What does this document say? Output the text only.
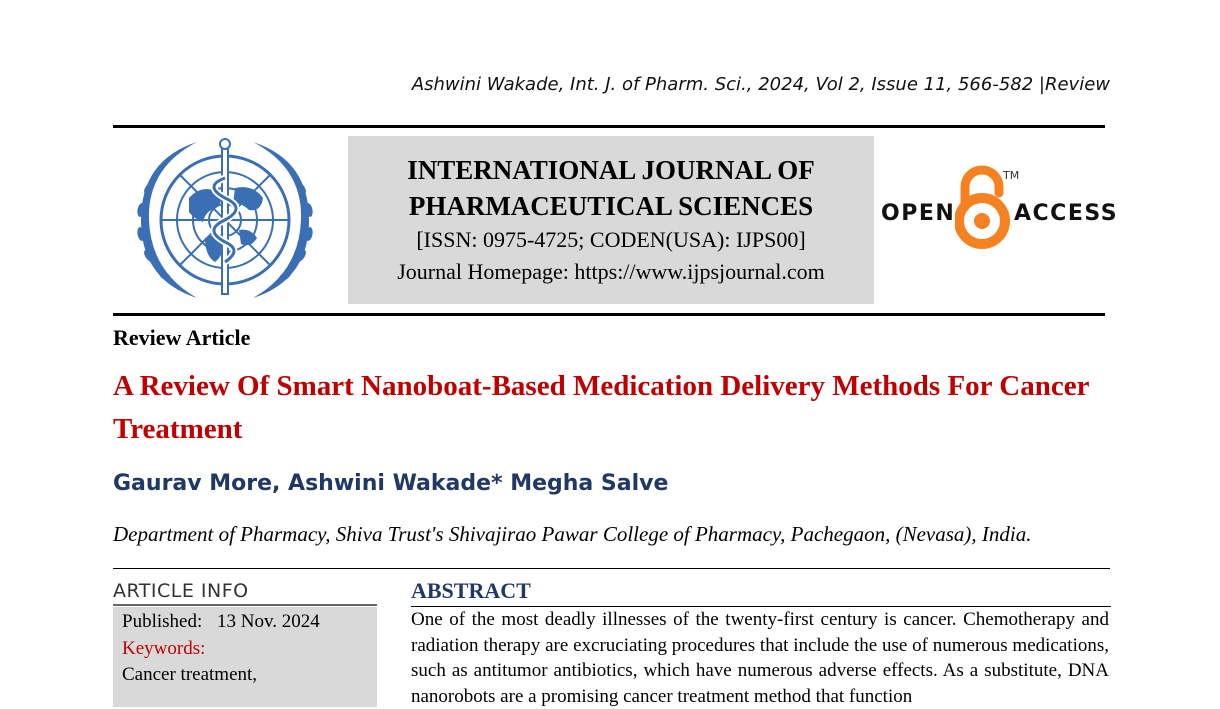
Ashwini Wakade, Int. J. of Pharm. Sci., 2024, Vol 2, Issue 11, 566-582 |Review
INTERNATIONAL JOURNAL OF
PHARMACEUTICAL SCIENCES
[ISSN: 0975-4725; CODEN(USA): IJPS00]
Journal Homepage: https://www.ijpsjournal.com
OPEN
TM
ACCESS
Review Article
A Review Of Smart Nanoboat-Based Medication Delivery Methods For Cancer Treatment
Gaurav More, Ashwini Wakade* Megha Salve
Department of Pharmacy, Shiva Trust's Shivajirao Pawar College of Pharmacy, Pachegaon, (Nevasa), India.
ARTICLE INFO
Published: 13 Nov. 2024
Keywords:
Cancer treatment,
ABSTRACT
One of the most deadly illnesses of the twenty-first century is cancer. Chemotherapy and radiation therapy are excruciating procedures that include the use of numerous medications, such as antitumor antibiotics, which have numerous adverse effects. As a substitute, DNA nanorobots are a promising cancer treatment method that function
